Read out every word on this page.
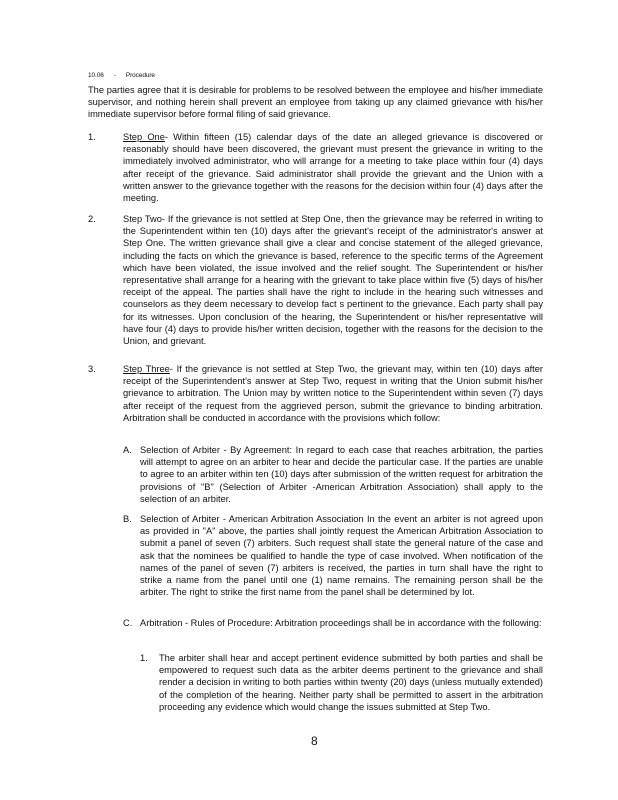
10.06 - Procedure

The parties agree that it is desirable for problems to be resolved between the employee and his/her immediate supervisor, and nothing herein shall prevent an employee from taking up any claimed grievance with his/her immediate supervisor before formal filing of said grievance.

1.	Step One- Within fifteen (15) calendar days of the date an alleged grievance is discovered or reasonably should have been discovered, the grievant must present the grievance in writing to the immediately involved administrator, who will arrange for a meeting to take place within four (4) days after receipt of the grievance. Said administrator shall provide the grievant and the Union with a written answer to the grievance together with the reasons for the decision within four (4) days after the meeting.

2.	Step Two- If the grievance is not settled at Step One, then the grievance may be referred in writing to the Superintendent within ten (10) days after the grievant's receipt of the administrator's answer at Step One. The written grievance shall give a clear and concise statement of the alleged grievance, including the facts on which the grievance is based, reference to the specific terms of the Agreement which have been violated, the issue involved and the relief sought. The Superintendent or his/her representative shall arrange for a hearing with the grievant to take place within five (5) days of his/her receipt of the appeal. The parties shall have the right to include in the hearing such witnesses and counselors as they deem necessary to develop fact s pertinent to the grievance. Each party shall pay for its witnesses. Upon conclusion of the hearing, the Superintendent or his/her representative will have four (4) days to provide his/her written decision, together with the reasons for the decision to the Union, and grievant.

3.	Step Three- If the grievance is not settled at Step Two, the grievant may, within ten (10) days after receipt of the Superintendent's answer at Step Two, request in writing that the Union submit his/her grievance to arbitration. The Union may by written notice to the Superintendent within seven (7) days after receipt of the request from the aggrieved person, submit the grievance to binding arbitration. Arbitration shall be conducted in accordance with the provisions which follow:

A. Selection of Arbiter - By Agreement: In regard to each case that reaches arbitration, the parties will attempt to agree on an arbiter to hear and decide the particular case. If the parties are unable to agree to an arbiter within ten (10) days after submission of the written request for arbitration the provisions of "B" (Selection of Arbiter -American Arbitration Association) shall apply to the selection of an arbiter.

B. Selection of Arbiter - American Arbitration Association In the event an arbiter is not agreed upon as provided in "A" above, the parties shall jointly request the American Arbitration Association to submit a panel of seven (7) arbiters. Such request shall state the general nature of the case and ask that the nominees be qualified to handle the type of case involved. When notification of the names of the panel of seven (7) arbiters is received, the parties in turn shall have the right to strike a name from the panel until one (1) name remains. The remaining person shall be the arbiter. The right to strike the first name from the panel shall be determined by lot.

C. Arbitration - Rules of Procedure: Arbitration proceedings shall be in accordance with the following:

1. The arbiter shall hear and accept pertinent evidence submitted by both parties and shall be empowered to request such data as the arbiter deems pertinent to the grievance and shall render a decision in writing to both parties within twenty (20) days (unless mutually extended) of the completion of the hearing. Neither party shall be permitted to assert in the arbitration proceeding any evidence which would change the issues submitted at Step Two.

8
